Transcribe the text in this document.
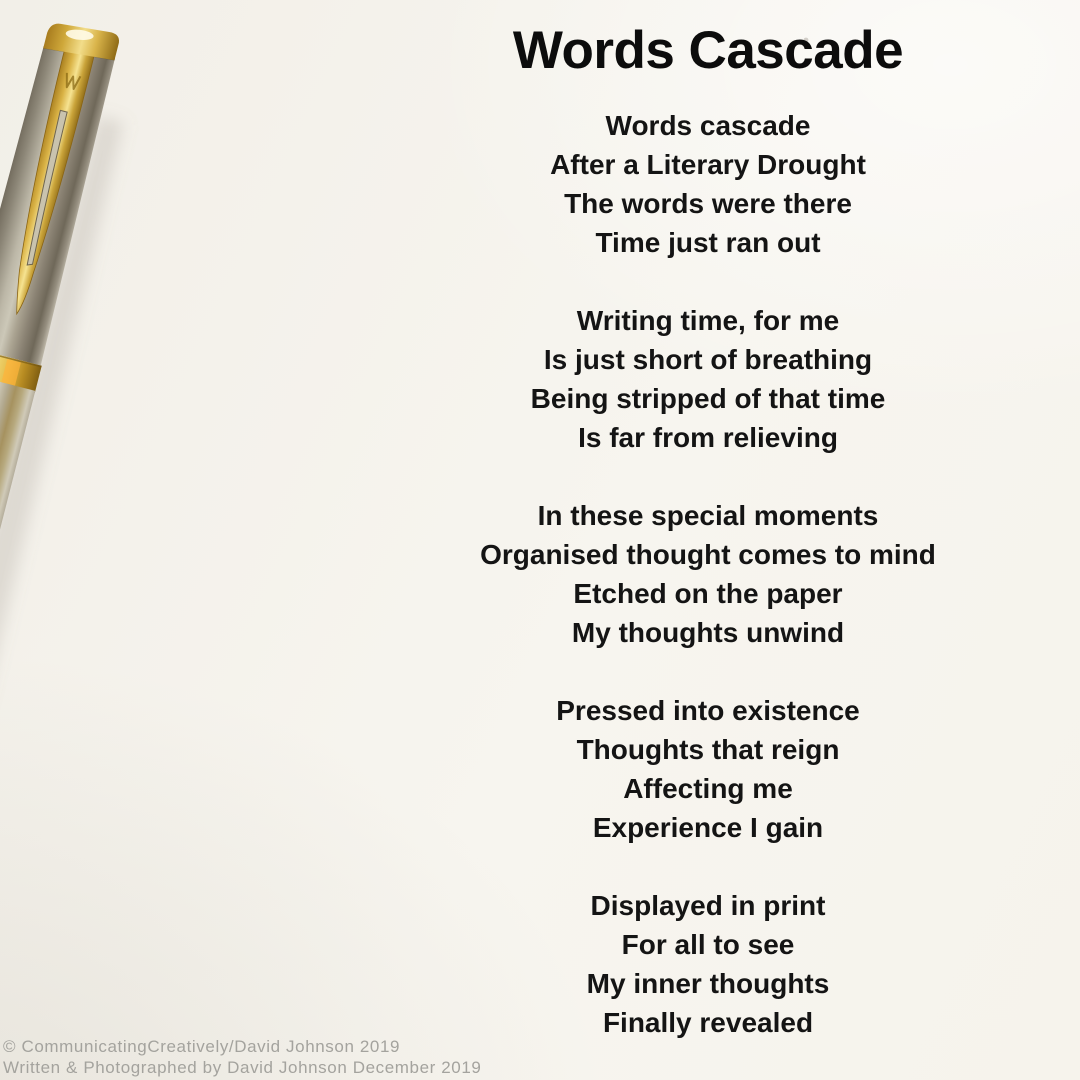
Words Cascade
Words cascade
After a Literary Drought
The words were there
Time just ran out
Writing time, for me
Is just short of breathing
Being stripped of that time
Is far from relieving
In these special moments
Organised thought comes to mind
Etched on the paper
My thoughts unwind
Pressed into existence
Thoughts that reign
Affecting me
Experience I gain
Displayed in print
For all to see
My inner thoughts
Finally revealed
© CommunicatingCreatively/David Johnson 2019
Written & Photographed by David Johnson December 2019
